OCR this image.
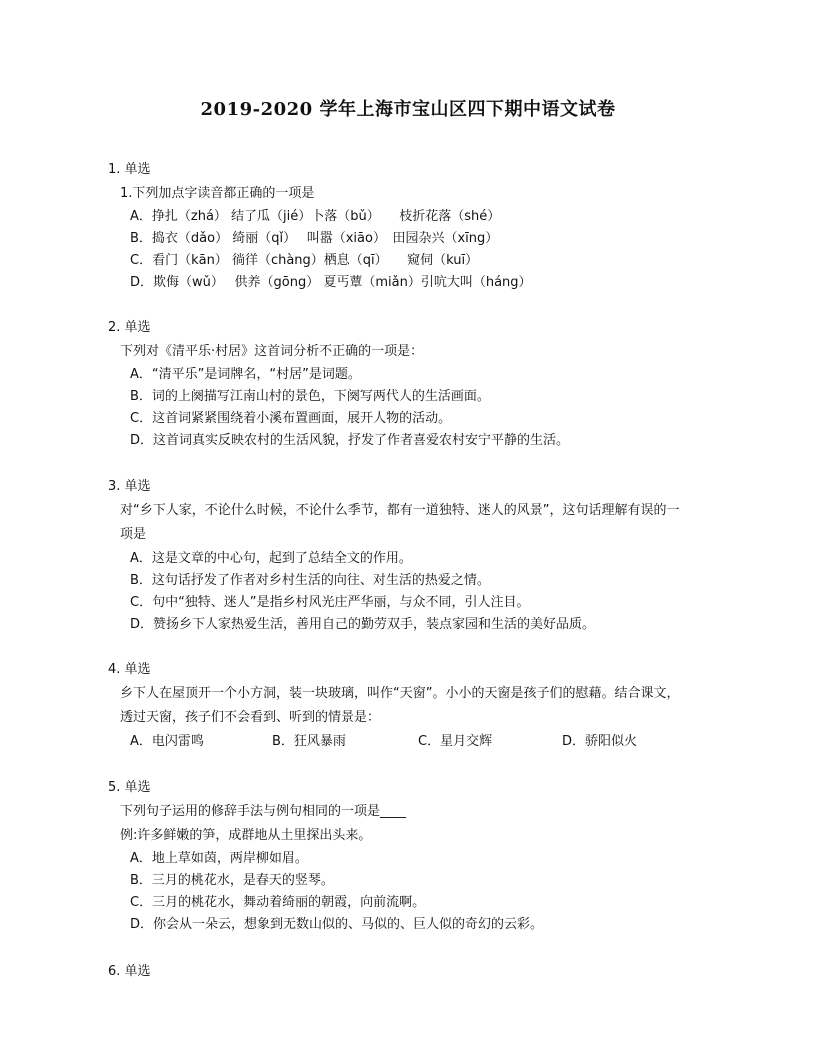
2019-2020 学年上海市宝山区四下期中语文试卷
1. 单选
1.下列加点字读音都正确的一项是
A．挣扎（zhá） 结了瓜（jié）卜落（bǔ）　　枝折花落（shé）
B．捣衣（dǎo） 绮丽（qǐ）　 叫嚣（xiāo）　田园杂兴（xīng）
C．看门（kān） 徜徉（chàng）栖息（qī）　　窥伺（kuī）
D．欺侮（wǔ）　 供养（gōng） 夏丐蕈（miǎn）引吭大叫（háng）
2. 单选
下列对《清平乐·村居》这首词分析不正确的一项是：
A．“清平乐”是词牌名，“村居”是词题。
B．词的上阕描写江南山村的景色，下阕写两代人的生活画面。
C．这首词紧紧围绕着小溪布置画面，展开人物的活动。
D．这首词真实反映农村的生活风貌，抒发了作者喜爱农村安宁平静的生活。
3. 单选
对“乡下人家，不论什么时候，不论什么季节，都有一道独特、迷人的风景”，这句话理解有误的一
项是
A．这是文章的中心句，起到了总结全文的作用。
B．这句话抒发了作者对乡村生活的向往、对生活的热爱之情。
C．句中“独特、迷人”是指乡村风光庄严华丽，与众不同，引人注目。
D．赞扬乡下人家热爱生活，善用自己的勤劳双手，装点家园和生活的美好品质。
4. 单选
乡下人在屋顶开一个小方洞，装一块玻璃，叫作“天窗”。小小的天窗是孩子们的慰藉。结合课文，
透过天窗，孩子们不会看到、听到的情景是：
A．电闪雷鸣	B．狂风暴雨	C．星月交辉	D．骄阳似火
5. 单选
下列句子运用的修辞手法与例句相同的一项是____
例:许多鲜嫩的笋，成群地从土里探出头来。
A．地上草如茵，两岸柳如眉。
B．三月的桃花水，是春天的竖琴。
C．三月的桃花水，舞动着绮丽的朝霞，向前流啊。
D．你会从一朵云，想象到无数山似的、马似的、巨人似的奇幻的云彩。
6. 单选
